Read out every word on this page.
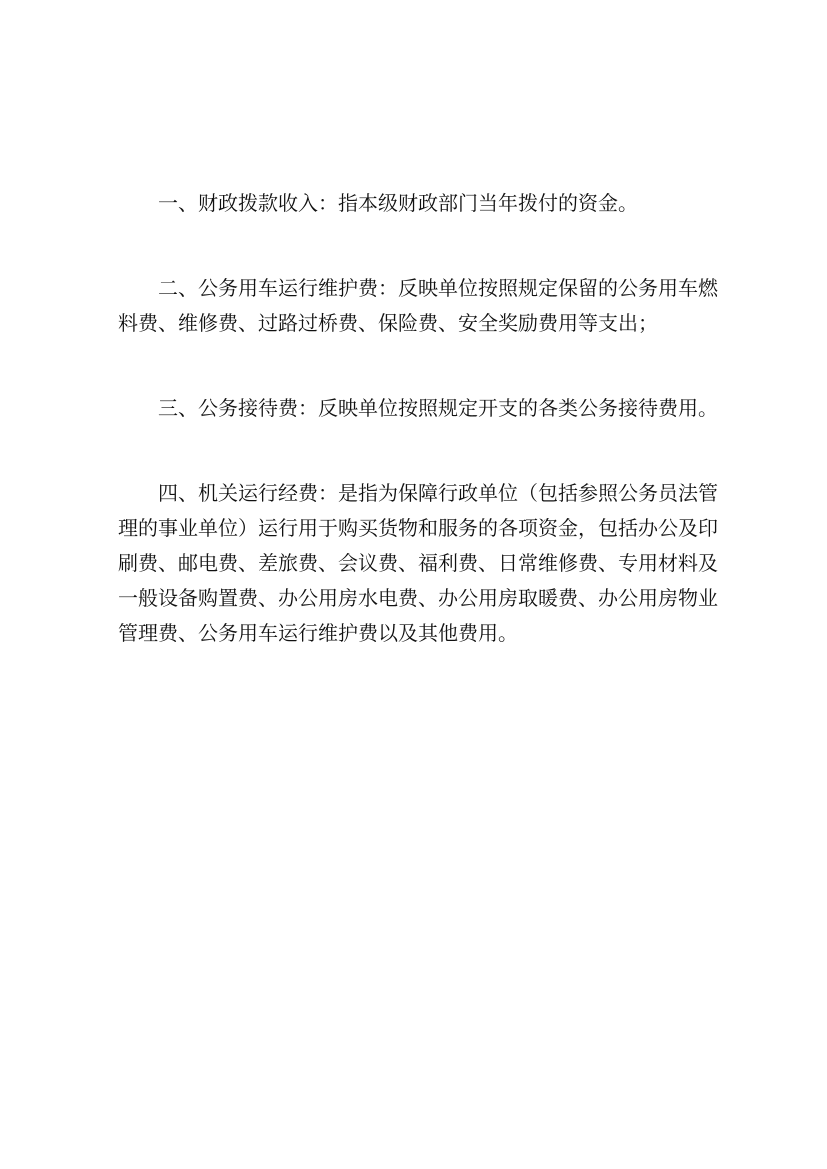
一、财政拨款收入：指本级财政部门当年拨付的资金。

二、公务用车运行维护费：反映单位按照规定保留的公务用车燃料费、维修费、过路过桥费、保险费、安全奖励费用等支出；

三、公务接待费：反映单位按照规定开支的各类公务接待费用。

四、机关运行经费：是指为保障行政单位（包括参照公务员法管理的事业单位）运行用于购买货物和服务的各项资金，包括办公及印刷费、邮电费、差旅费、会议费、福利费、日常维修费、专用材料及一般设备购置费、办公用房水电费、办公用房取暖费、办公用房物业管理费、公务用车运行维护费以及其他费用。
